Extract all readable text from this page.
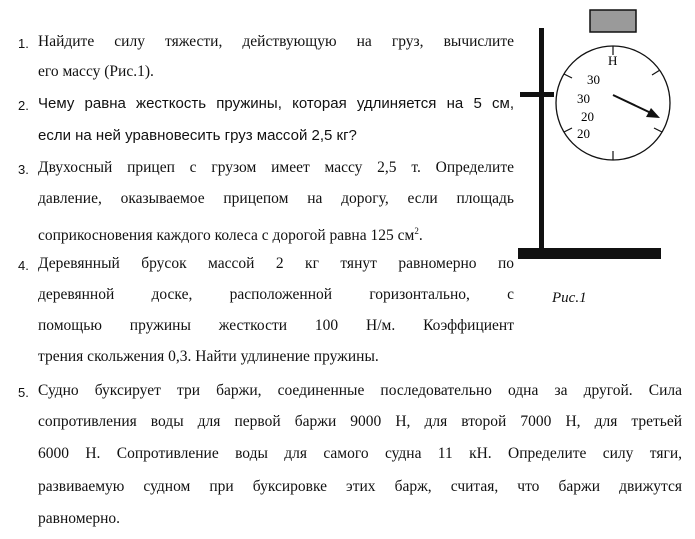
1. Найдите силу тяжести, действующую на груз, вычислите
его массу (Рис.1).
2. Чему равна жесткость пружины, которая удлиняется на 5 см,
если на ней уравновесить груз массой 2,5 кг?
3. Двухосный прицеп с грузом имеет массу 2,5 т. Определите
давление, оказываемое прицепом на дорогу, если площадь
соприкосновения каждого колеса с дорогой равна 125 $см^2$.
4. Деревянный брусок массой 2 кг тянут равномерно по
деревянной доске, расположенной горизонтально, с
помощью пружины жесткости 100 Н/м. Коэффициент
трения скольжения 0,3. Найти удлинение пружины.
5. Судно буксирует три баржи, соединенные последовательно одна за другой. Сила
сопротивления воды для первой баржи 9000 Н, для второй 7000 Н, для третьей
6000 Н. Сопротивление воды для самого судна 11 кН. Определите силу тяги,
развиваемую судном при буксировке этих барж, считая, что баржи движутся
равномерно.
Н
30
30
20
20
Рис.1
